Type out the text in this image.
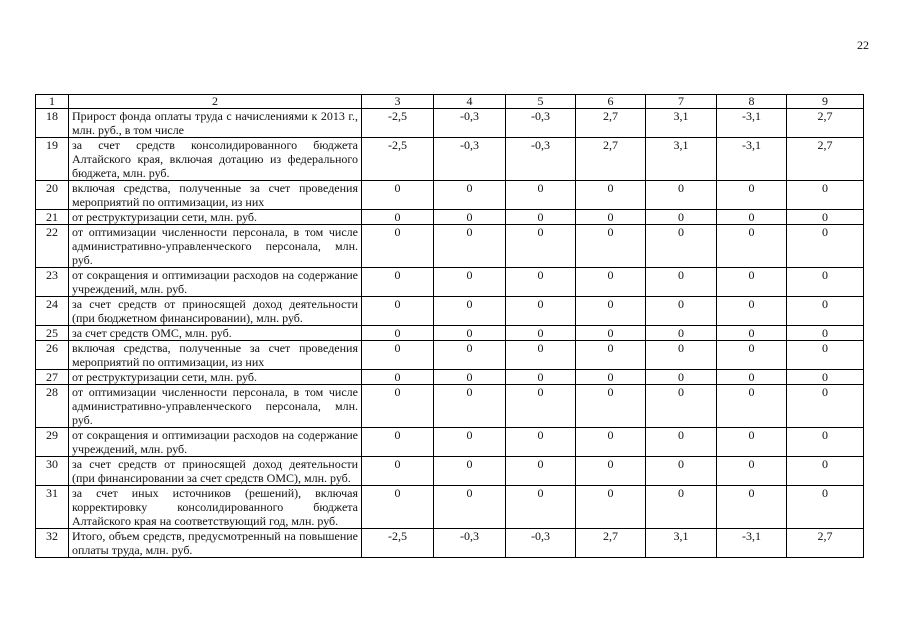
22
1	2	3	4	5	6	7	8	9
18	Прирост фонда оплаты труда с начислениями к 2013 г., млн. руб., в том числе	-2,5	-0,3	-0,3	2,7	3,1	-3,1	2,7
19	за счет средств консолидированного бюджета Алтайского края, включая дотацию из федерального бюджета, млн. руб.	-2,5	-0,3	-0,3	2,7	3,1	-3,1	2,7
20	включая средства, полученные за счет проведения мероприятий по оптимизации, из них	0	0	0	0	0	0	0
21	от реструктуризации сети, млн. руб.	0	0	0	0	0	0	0
22	от оптимизации численности персонала, в том числе административно-управленческого персонала, млн. руб.	0	0	0	0	0	0	0
23	от сокращения и оптимизации расходов на содержание учреждений, млн. руб.	0	0	0	0	0	0	0
24	за счет средств от приносящей доход деятельности (при бюджетном финансировании), млн. руб.	0	0	0	0	0	0	0
25	за счет средств ОМС, млн. руб.	0	0	0	0	0	0	0
26	включая средства, полученные за счет проведения мероприятий по оптимизации, из них	0	0	0	0	0	0	0
27	от реструктуризации сети, млн. руб.	0	0	0	0	0	0	0
28	от оптимизации численности персонала, в том числе административно-управленческого персонала, млн. руб.	0	0	0	0	0	0	0
29	от сокращения и оптимизации расходов на содержание учреждений, млн. руб.	0	0	0	0	0	0	0
30	за счет средств от приносящей доход деятельности (при финансировании за счет средств ОМС), млн. руб.	0	0	0	0	0	0	0
31	за счет иных источников (решений), включая корректировку консолидированного бюджета Алтайского края на соответствующий год, млн. руб.	0	0	0	0	0	0	0
32	Итого, объем средств, предусмотренный на повышение оплаты труда, млн. руб.	-2,5	-0,3	-0,3	2,7	3,1	-3,1	2,7
